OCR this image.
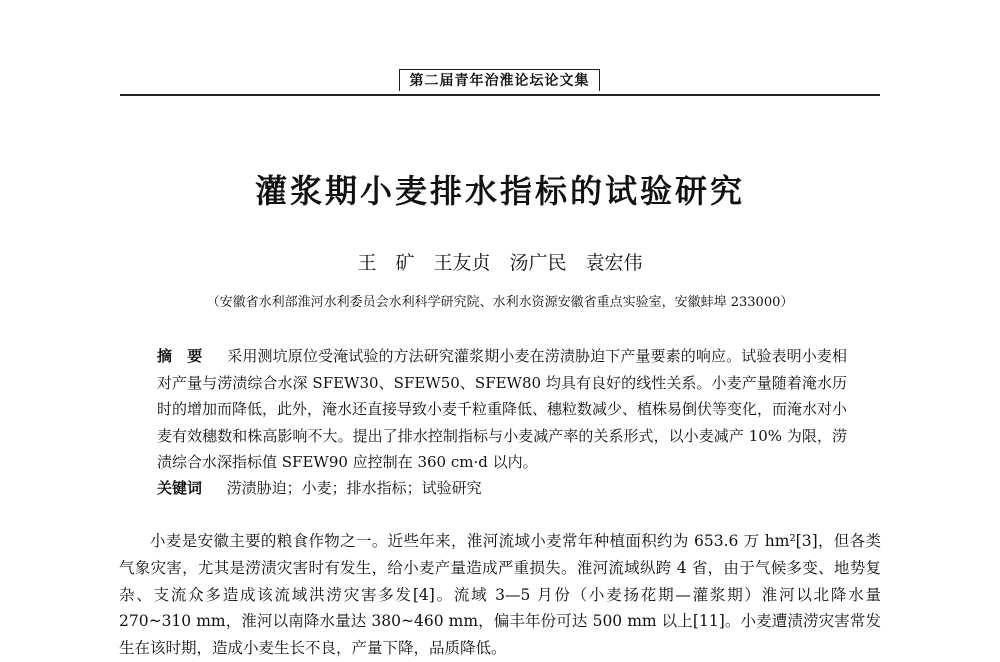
第二届青年治淮论坛论文集
灌浆期小麦排水指标的试验研究
王　矿　王友贞　汤广民　袁宏伟
（安徽省水利部淮河水利委员会水利科学研究院、水利水资源安徽省重点实验室，安徽蚌埠 233000）
摘　要 　 采用测坑原位受淹试验的方法研究灌浆期小麦在涝渍胁迫下产量要素的响应。试验表明小麦相对产量与涝渍综合水深 SFEW30、SFEW50、SFEW80 均具有良好的线性关系。小麦产量随着淹水历时的增加而降低，此外，淹水还直接导致小麦千粒重降低、穗粒数减少、植株易倒伏等变化，而淹水对小麦有效穗数和株高影响不大。提出了排水控制指标与小麦减产率的关系形式，以小麦减产 10% 为限，涝渍综合水深指标值 SFEW90 应控制在 360 cm·d 以内。
关键词 　 涝渍胁迫；小麦；排水指标；试验研究

小麦是安徽主要的粮食作物之一。近些年来，淮河流域小麦常年种植面积约为 653.6 万 hm²[3]，但各类气象灾害，尤其是涝渍灾害时有发生，给小麦产量造成严重损失。淮河流域纵跨 4 省，由于气候多变、地势复杂、支流众多造成该流域洪涝灾害多发[4]。流域 3—5 月份（小麦扬花期—灌浆期）淮河以北降水量 270~310 mm，淮河以南降水量达 380~460 mm，偏丰年份可达 500 mm 以上[11]。小麦遭渍涝灾害常发生在该时期，造成小麦生长不良，产量下降，品质降低。
